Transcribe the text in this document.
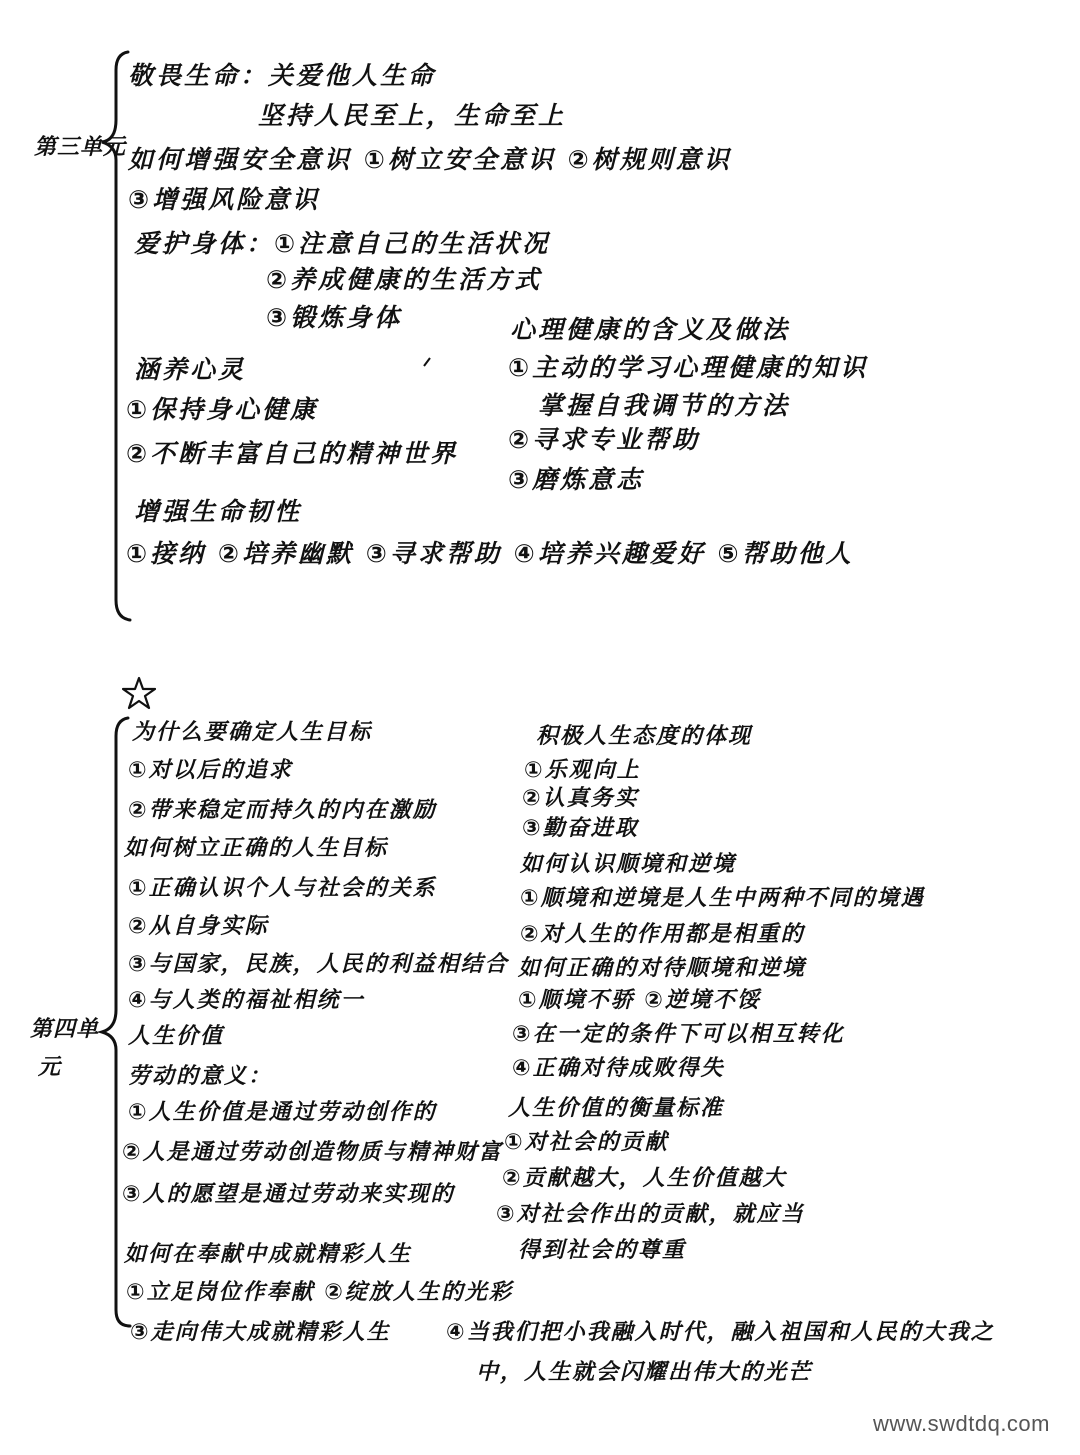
第三单元
敬畏生命：关爱他人生命
坚持人民至上，生命至上
如何增强安全意识 ①树立安全意识 ②树规则意识
③增强风险意识
爱护身体：①注意自己的生活状况
②养成健康的生活方式
③锻炼身体	心理健康的含义及做法
①主动的学习心理健康的知识
掌握自我调节的方法
②寻求专业帮助
③磨炼意志
涵养心灵
①保持身心健康
②不断丰富自己的精神世界
增强生命韧性
①接纳 ②培养幽默 ③寻求帮助 ④培养兴趣爱好 ⑤帮助他人
第四单
元
为什么要确定人生目标
①对以后的追求
②带来稳定而持久的内在激励
如何树立正确的人生目标
①正确认识个人与社会的关系
②从自身实际
③与国家，民族，人民的利益相结合
④与人类的福祉相统一
人生价值
劳动的意义：
①人生价值是通过劳动创作的
②人是通过劳动创造物质与精神财富
③人的愿望是通过劳动来实现的
如何在奉献中成就精彩人生
①立足岗位作奉献 ②绽放人生的光彩
③走向伟大成就精彩人生	④当我们把小我融入时代，融入祖国和人民的大我之
中，人生就会闪耀出伟大的光芒
积极人生态度的体现
①乐观向上
②认真务实
③勤奋进取
如何认识顺境和逆境
①顺境和逆境是人生中两种不同的境遇
②对人生的作用都是相重的
如何正确的对待顺境和逆境
①顺境不骄 ②逆境不馁
③在一定的条件下可以相互转化
④正确对待成败得失
人生价值的衡量标准
①对社会的贡献
②贡献越大，人生价值越大
③对社会作出的贡献，就应当
得到社会的尊重
www.swdtdq.com
